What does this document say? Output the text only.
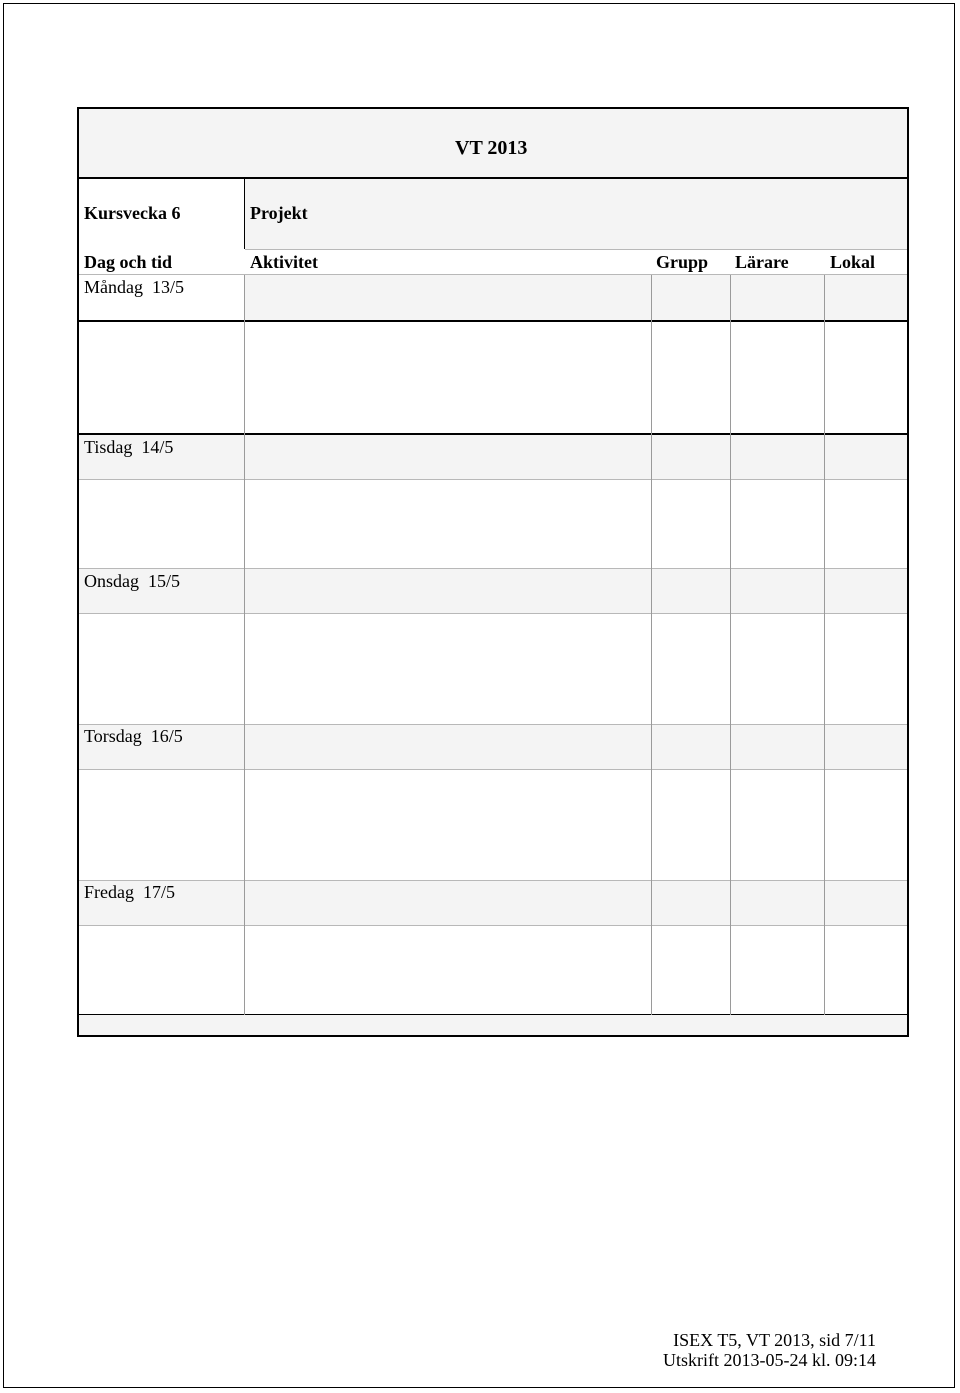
VT 2013
Kursvecka 6	Projekt
Dag och tid	Aktivitet	Grupp Lärare Lokal
Måndag 13/5
Tisdag 14/5
Onsdag 15/5
Torsdag 16/5
Fredag 17/5
ISEX T5, VT 2013, sid 7/11
Utskrift 2013-05-24 kl. 09:14
